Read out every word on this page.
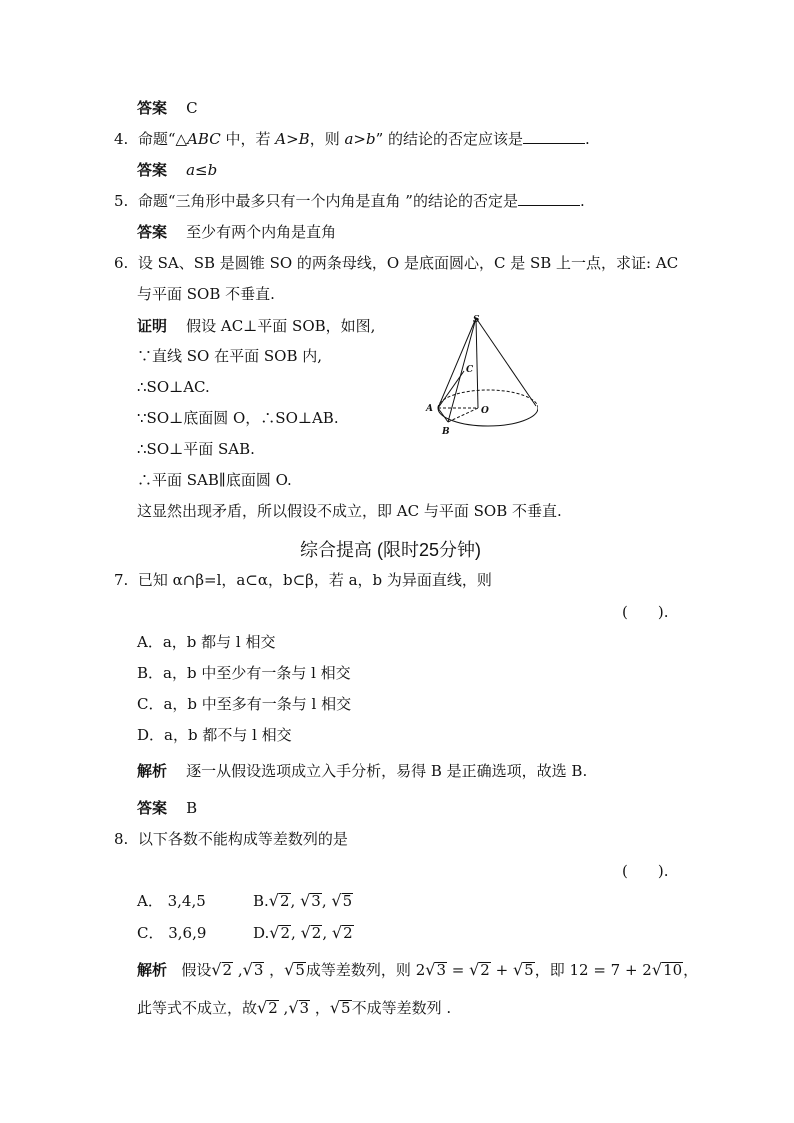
答案 C
4. 命题“△ABC 中，若 A>B，则 a>b” 的结论的否定应该是	.
答案 a≤b
5. 命题“三角形中最多只有一个内角是直角 ”的结论的否定是	.
答案 至少有两个内角是直角
6. 设 SA、SB 是圆锥 SO 的两条母线，O 是底面圆心，C 是 SB 上一点，求证: AC
与平面 SOB 不垂直.
证明 假设 AC⊥平面 SOB，如图,
∵直线 SO 在平面 SOB 内,
∴SO⊥AC.
∵SO⊥底面圆 O，∴SO⊥AB.
∴SO⊥平面 SAB.
∴平面 SAB∥底面圆 O.
这显然出现矛盾，所以假设不成立，即 AC 与平面 SOB 不垂直.
S
A
B
C
O
综合提高 (限时25分钟)
7. 已知 α∩β=l，a⊂α，b⊂β，若 a，b 为异面直线，则
(　　).
A．a，b 都与 l 相交
B．a，b 中至少有一条与 l 相交
C．a，b 中至多有一条与 l 相交
D．a，b 都不与 l 相交
解析 逐一从假设选项成立入手分析，易得 B 是正确选项，故选 B.
答案 B
8. 以下各数不能构成等差数列的是
(　　).
A． 3,4,5	B.√2, √3, √5
C． 3,6,9	D.√2, √2, √2
解析 假设√2 ,√3 ，√5成等差数列，则 2√3 = √2 + √5，即 12 = 7 + 2√10，
此等式不成立，故√2 ,√3 ，√5不成等差数列 .
